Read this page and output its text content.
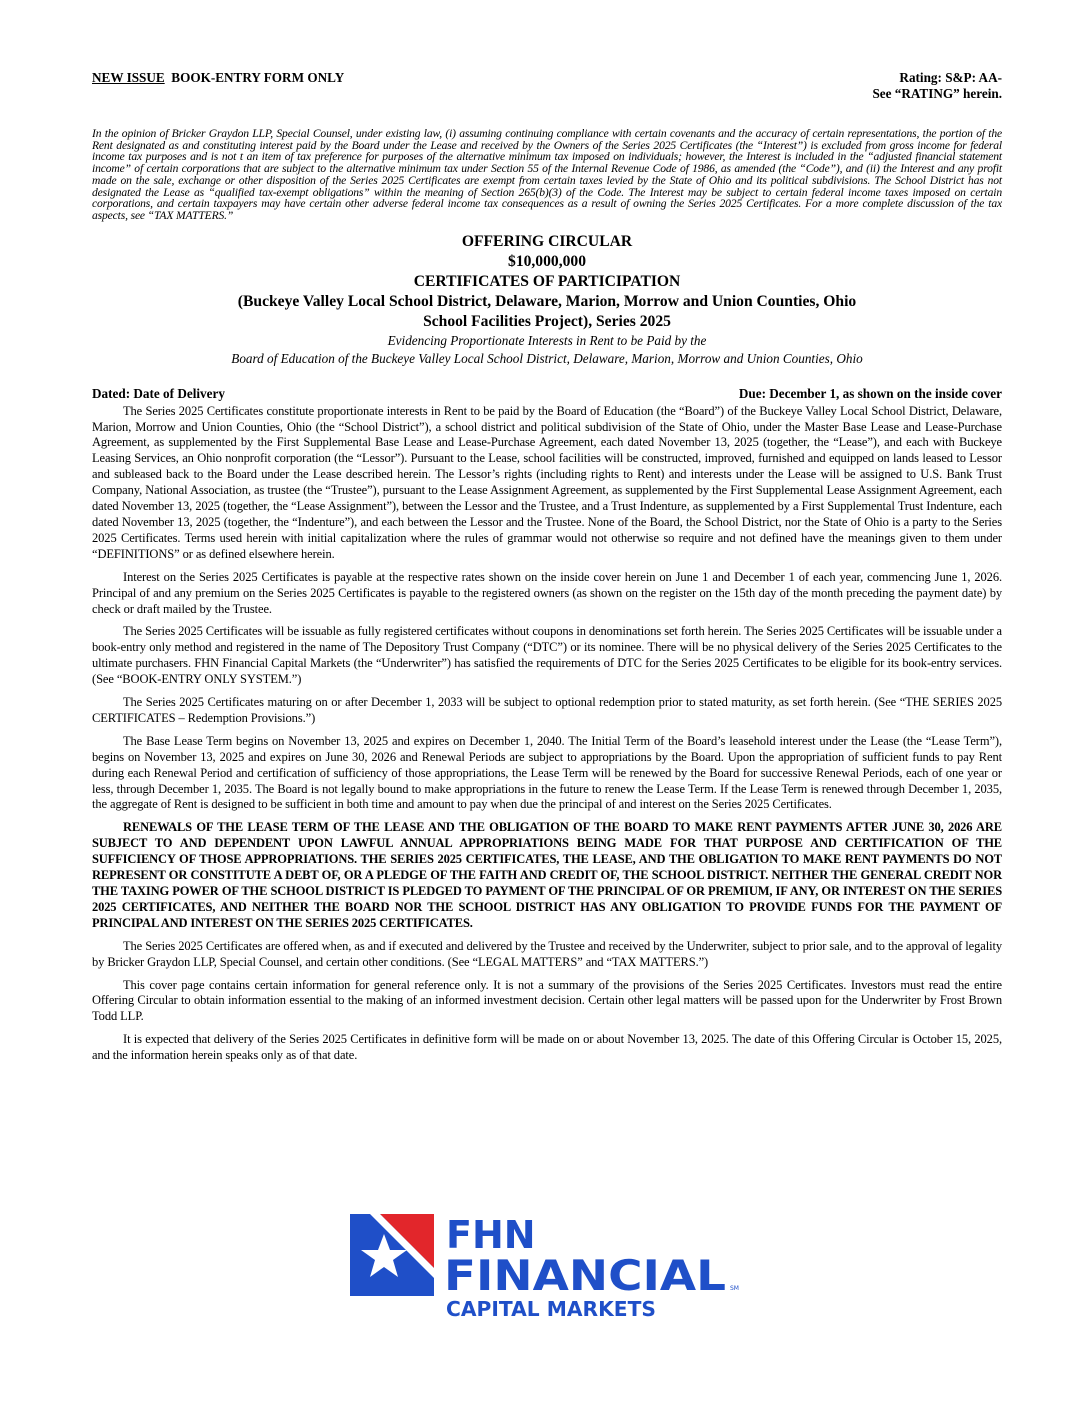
NEW ISSUE BOOK-ENTRY FORM ONLY	Rating: S&P: AA-
See “RATING” herein.
In the opinion of Bricker Graydon LLP, Special Counsel, under existing law, (i) assuming continuing compliance with certain covenants and the accuracy of certain representations, the portion of the Rent designated as and constituting interest paid by the Board under the Lease and received by the Owners of the Series 2025 Certificates (the “Interest”) is excluded from gross income for federal income tax purposes and is not t an item of tax preference for purposes of the alternative minimum tax imposed on individuals; however, the Interest is included in the “adjusted financial statement income” of certain corporations that are subject to the alternative minimum tax under Section 55 of the Internal Revenue Code of 1986, as amended (the “Code”), and (ii) the Interest and any profit made on the sale, exchange or other disposition of the Series 2025 Certificates are exempt from certain taxes levied by the State of Ohio and its political subdivisions. The School District has not designated the Lease as “qualified tax-exempt obligations” within the meaning of Section 265(b)(3) of the Code. The Interest may be subject to certain federal income taxes imposed on certain corporations, and certain taxpayers may have certain other adverse federal income tax consequences as a result of owning the Series 2025 Certificates. For a more complete discussion of the tax aspects, see “TAX MATTERS.”
OFFERING CIRCULAR
$10,000,000
CERTIFICATES OF PARTICIPATION
(Buckeye Valley Local School District, Delaware, Marion, Morrow and Union Counties, Ohio
School Facilities Project), Series 2025
Evidencing Proportionate Interests in Rent to be Paid by the
Board of Education of the Buckeye Valley Local School District, Delaware, Marion, Morrow and Union Counties, Ohio
Dated: Date of Delivery	Due: December 1, as shown on the inside cover

The Series 2025 Certificates constitute proportionate interests in Rent to be paid by the Board of Education (the “Board”) of the Buckeye Valley Local School District, Delaware, Marion, Morrow and Union Counties, Ohio (the “School District”), a school district and political subdivision of the State of Ohio, under the Master Base Lease and Lease-Purchase Agreement, as supplemented by the First Supplemental Base Lease and Lease-Purchase Agreement, each dated November 13, 2025 (together, the “Lease”), and each with Buckeye Leasing Services, an Ohio nonprofit corporation (the “Lessor”). Pursuant to the Lease, school facilities will be constructed, improved, furnished and equipped on lands leased to Lessor and subleased back to the Board under the Lease described herein. The Lessor’s rights (including rights to Rent) and interests under the Lease will be assigned to U.S. Bank Trust Company, National Association, as trustee (the “Trustee”), pursuant to the Lease Assignment Agreement, as supplemented by the First Supplemental Lease Assignment Agreement, each dated November 13, 2025 (together, the “Lease Assignment”), between the Lessor and the Trustee, and a Trust Indenture, as supplemented by a First Supplemental Trust Indenture, each dated November 13, 2025 (together, the “Indenture”), and each between the Lessor and the Trustee. None of the Board, the School District, nor the State of Ohio is a party to the Series 2025 Certificates. Terms used herein with initial capitalization where the rules of grammar would not otherwise so require and not defined have the meanings given to them under “DEFINITIONS” or as defined elsewhere herein.

Interest on the Series 2025 Certificates is payable at the respective rates shown on the inside cover herein on June 1 and December 1 of each year, commencing June 1, 2026. Principal of and any premium on the Series 2025 Certificates is payable to the registered owners (as shown on the register on the 15th day of the month preceding the payment date) by check or draft mailed by the Trustee.

The Series 2025 Certificates will be issuable as fully registered certificates without coupons in denominations set forth herein. The Series 2025 Certificates will be issuable under a book-entry only method and registered in the name of The Depository Trust Company (“DTC”) or its nominee. There will be no physical delivery of the Series 2025 Certificates to the ultimate purchasers. FHN Financial Capital Markets (the “Underwriter”) has satisfied the requirements of DTC for the Series 2025 Certificates to be eligible for its book-entry services. (See “BOOK-ENTRY ONLY SYSTEM.”)

The Series 2025 Certificates maturing on or after December 1, 2033 will be subject to optional redemption prior to stated maturity, as set forth herein. (See “THE SERIES 2025 CERTIFICATES – Redemption Provisions.”)

The Base Lease Term begins on November 13, 2025 and expires on December 1, 2040. The Initial Term of the Board’s leasehold interest under the Lease (the “Lease Term”), begins on November 13, 2025 and expires on June 30, 2026 and Renewal Periods are subject to appropriations by the Board. Upon the appropriation of sufficient funds to pay Rent during each Renewal Period and certification of sufficiency of those appropriations, the Lease Term will be renewed by the Board for successive Renewal Periods, each of one year or less, through December 1, 2035. The Board is not legally bound to make appropriations in the future to renew the Lease Term. If the Lease Term is renewed through December 1, 2035, the aggregate of Rent is designed to be sufficient in both time and amount to pay when due the principal of and interest on the Series 2025 Certificates.

RENEWALS OF THE LEASE TERM OF THE LEASE AND THE OBLIGATION OF THE BOARD TO MAKE RENT PAYMENTS AFTER JUNE 30, 2026 ARE SUBJECT TO AND DEPENDENT UPON LAWFUL ANNUAL APPROPRIATIONS BEING MADE FOR THAT PURPOSE AND CERTIFICATION OF THE SUFFICIENCY OF THOSE APPROPRIATIONS. THE SERIES 2025 CERTIFICATES, THE LEASE, AND THE OBLIGATION TO MAKE RENT PAYMENTS DO NOT REPRESENT OR CONSTITUTE A DEBT OF, OR A PLEDGE OF THE FAITH AND CREDIT OF, THE SCHOOL DISTRICT. NEITHER THE GENERAL CREDIT NOR THE TAXING POWER OF THE SCHOOL DISTRICT IS PLEDGED TO PAYMENT OF THE PRINCIPAL OF OR PREMIUM, IF ANY, OR INTEREST ON THE SERIES 2025 CERTIFICATES, AND NEITHER THE BOARD NOR THE SCHOOL DISTRICT HAS ANY OBLIGATION TO PROVIDE FUNDS FOR THE PAYMENT OF PRINCIPAL AND INTEREST ON THE SERIES 2025 CERTIFICATES.

The Series 2025 Certificates are offered when, as and if executed and delivered by the Trustee and received by the Underwriter, subject to prior sale, and to the approval of legality by Bricker Graydon LLP, Special Counsel, and certain other conditions. (See “LEGAL MATTERS” and “TAX MATTERS.”)

This cover page contains certain information for general reference only. It is not a summary of the provisions of the Series 2025 Certificates. Investors must read the entire Offering Circular to obtain information essential to the making of an informed investment decision. Certain other legal matters will be passed upon for the Underwriter by Frost Brown Todd LLP.

It is expected that delivery of the Series 2025 Certificates in definitive form will be made on or about November 13, 2025. The date of this Offering Circular is October 15, 2025, and the information herein speaks only as of that date.

FHN
FINANCIAL SM
CAPITAL MARKETS
